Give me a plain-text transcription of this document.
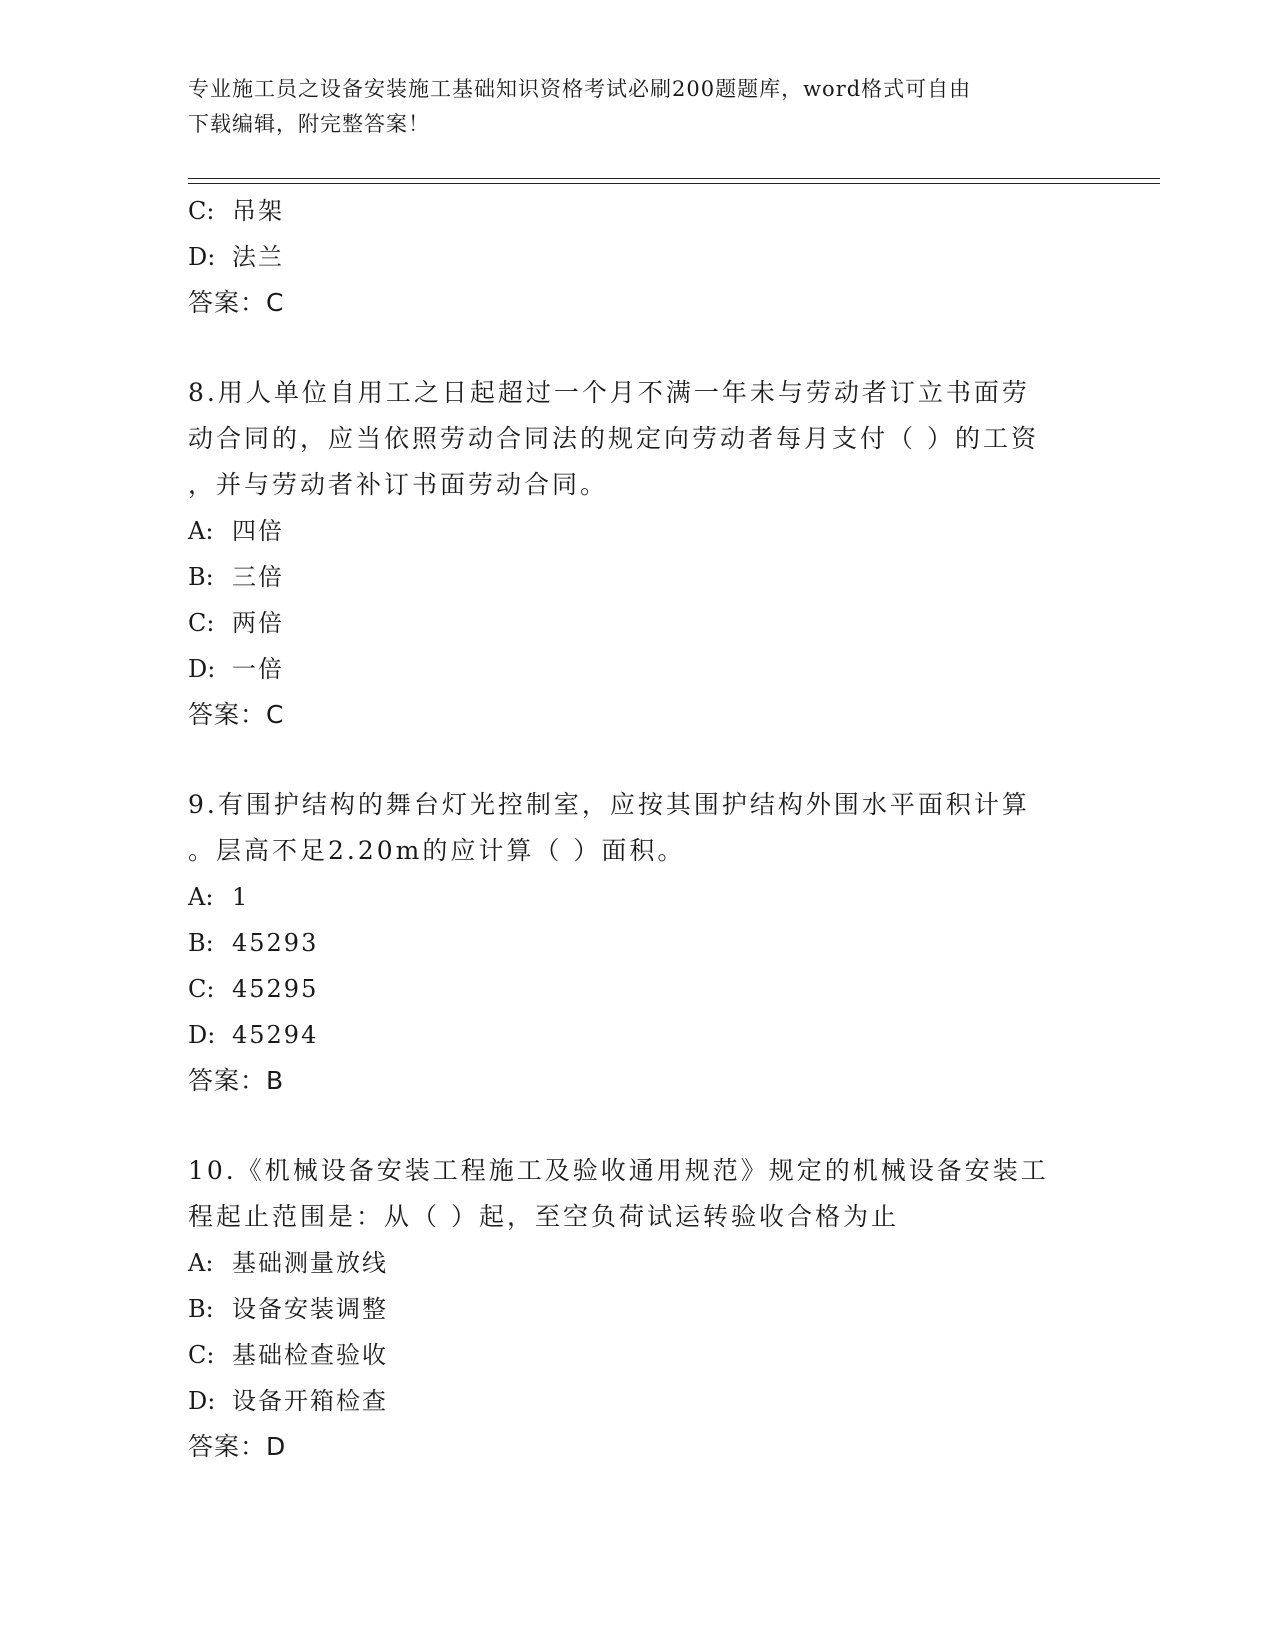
专业施工员之设备安装施工基础知识资格考试必刷200题题库，word格式可自由
下载编辑，附完整答案！
C: 吊架
D: 法兰
答案：C
8.用人单位自用工之日起超过一个月不满一年未与劳动者订立书面劳
动合同的，应当依照劳动合同法的规定向劳动者每月支付（ ）的工资
，并与劳动者补订书面劳动合同。
A: 四倍
B: 三倍
C: 两倍
D: 一倍
答案：C
9.有围护结构的舞台灯光控制室，应按其围护结构外围水平面积计算
。层高不足2.20m的应计算（ ）面积。
A: 1
B: 45293
C: 45295
D: 45294
答案：B
10.《机械设备安装工程施工及验收通用规范》规定的机械设备安装工
程起止范围是：从（ ）起，至空负荷试运转验收合格为止
A: 基础测量放线
B: 设备安装调整
C: 基础检查验收
D: 设备开箱检查
答案：D
